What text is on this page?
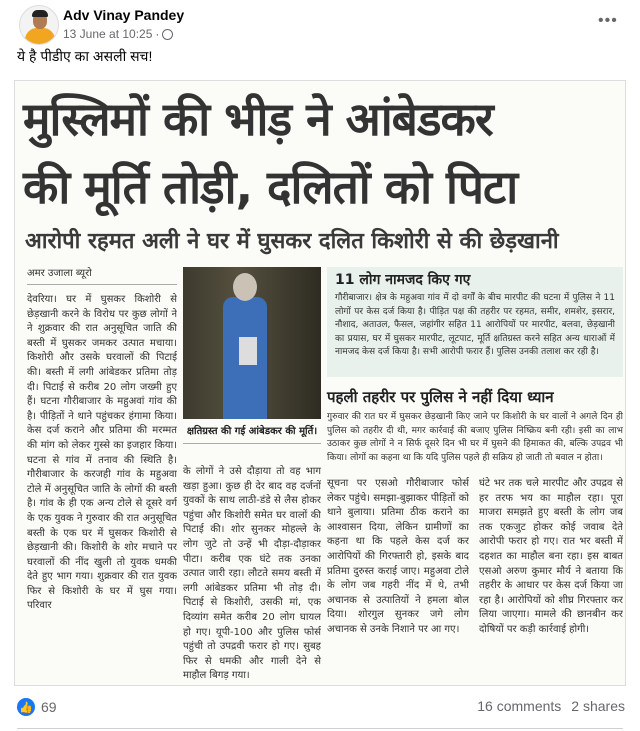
Adv Vinay Pandey
13 June at 10:25 ·
•••
ये है पीडीए का असली सच!
मुस्लिमों की भीड़ ने आंबेडकर
की मूर्ति तोड़ी, दलितों को पिटा
आरोपी रहमत अली ने घर में घुसकर दलित किशोरी से की छेड़खानी
अमर उजाला ब्यूरो
देवरिया। घर में घुसकर किशोरी से छेड़खानी करने के विरोध पर कुछ लोगों ने ने शुक्रवार की रात अनुसूचित जाति की बस्ती में घुसकर जमकर उत्पात मचाया। किशोरी और उसके घरवालों की पिटाई की। बस्ती में लगी आंबेडकर प्रतिमा तोड़ दी। पिटाई से करीब 20 लोग जख्मी हुए हैं। घटना गौरीबाजार के महुअवां गांव की है। पीड़ितों ने थाने पहुंचकर हंगामा किया। केस दर्ज कराने और प्रतिमा की मरम्मत की मांग को लेकर गुस्से का इजहार किया। घटना से गांव में तनाव की स्थिति है। गौरीबाजार के करजही गांव के महुअवा टोले में अनुसूचित जाति के लोगों की बस्ती है। गांव के ही एक अन्य टोले से दूसरे वर्ग के एक युवक ने गुरुवार की रात अनुसूचित बस्ती के एक घर में घुसकर किशोरी से छेड़खानी की। किशोरी के शोर मचाने पर घरवालों की नींद खुली तो युवक धमकी देते हुए भाग गया। शुक्रवार की रात युवक फिर से किशोरी के घर में घुस गया। परिवार
क्षतिग्रस्त की गई आंबेडकर की मूर्ति।
के लोगों ने उसे दौड़ाया तो वह भाग खड़ा हुआ। कुछ ही देर बाद वह दर्जनों युवकों के साथ लाठी-डंडे से लैस होकर पहुंचा और किशोरी समेत घर वालों की पिटाई की। शोर सुनकर मोहल्ले के लोग जुटे तो उन्हें भी दौड़ा-दौड़ाकर पीटा। करीब एक घंटे तक उनका उत्पात जारी रहा। लौटते समय बस्ती में लगी आंबेडकर प्रतिमा भी तोड़ दी। पिटाई से किशोरी, उसकी मां, एक दिव्यांग समेत करीब 20 लोग घायल हो गए। यूपी-100 और पुलिस फोर्स पहुंची तो उपद्रवी फरार हो गए। सुबह फिर से धमकी और गाली देने से माहौल बिगड़ गया।
11 लोग नामजद किए गए
गौरीबाजार। क्षेत्र के महुअवा गांव में दो वर्गों के बीच मारपीट की घटना में पुलिस ने 11 लोगों पर केस दर्ज किया है। पीड़ित पक्ष की तहरीर पर रहमत, समीर, शमशेर, इसरार, नौशाद, अताउल, फैसल, जहांगीर सहित 11 आरोपियों पर मारपीट, बलवा, छेड़खानी का प्रयास, घर में घुसकर मारपीट, लूटपाट, मूर्ति क्षतिग्रस्त करने सहित अन्य धाराओं में नामजद केस दर्ज किया है। सभी आरोपी फरार हैं। पुलिस उनकी तलाश कर रही है।
पहली तहरीर पर पुलिस ने नहीं दिया ध्यान
गुरुवार की रात घर में घुसकर छेड़खानी किए जाने पर किशोरी के घर वालों ने अगले दिन ही पुलिस को तहरीर दी थी, मगर कार्रवाई की बजाए पुलिस निष्क्रिय बनी रही। इसी का लाभ उठाकर कुछ लोगों ने न सिर्फ दूसरे दिन भी घर में घुसने की हिमाकत की, बल्कि उपद्रव भी किया। लोगों का कहना था कि यदि पुलिस पहले ही सक्रिय हो जाती तो बवाल न होता।
सूचना पर एसओ गौरीबाजार फोर्स लेकर पहुंचे। समझा-बुझाकर पीड़ितों को थाने बुलाया। प्रतिमा ठीक कराने का आश्वासन दिया, लेकिन ग्रामीणों का कहना था कि पहले केस दर्ज कर आरोपियों की गिरफ्तारी हो, इसके बाद प्रतिमा दुरुस्त कराई जाए। महुअवा टोले के लोग जब गहरी नींद में थे, तभी अचानक से उत्पातियों ने हमला बोल दिया। शोरगुल सुनकर जगे लोग अचानक से उनके निशाने पर आ गए।
घंटे भर तक चले मारपीट और उपद्रव से हर तरफ भय का माहौल रहा। पूरा माजरा समझते हुए बस्ती के लोग जब तक एकजुट होकर कोई जवाब देते आरोपी फरार हो गए। रात भर बस्ती में दहशत का माहौल बना रहा। इस बाबत एसओ अरुण कुमार मौर्य ने बताया कि तहरीर के आधार पर केस दर्ज किया जा रहा है। आरोपियों को शीघ्र गिरफ्तार कर लिया जाएगा। मामले की छानबीन कर दोषियों पर कड़ी कार्रवाई होगी।
👍 69	16 comments 2 shares
